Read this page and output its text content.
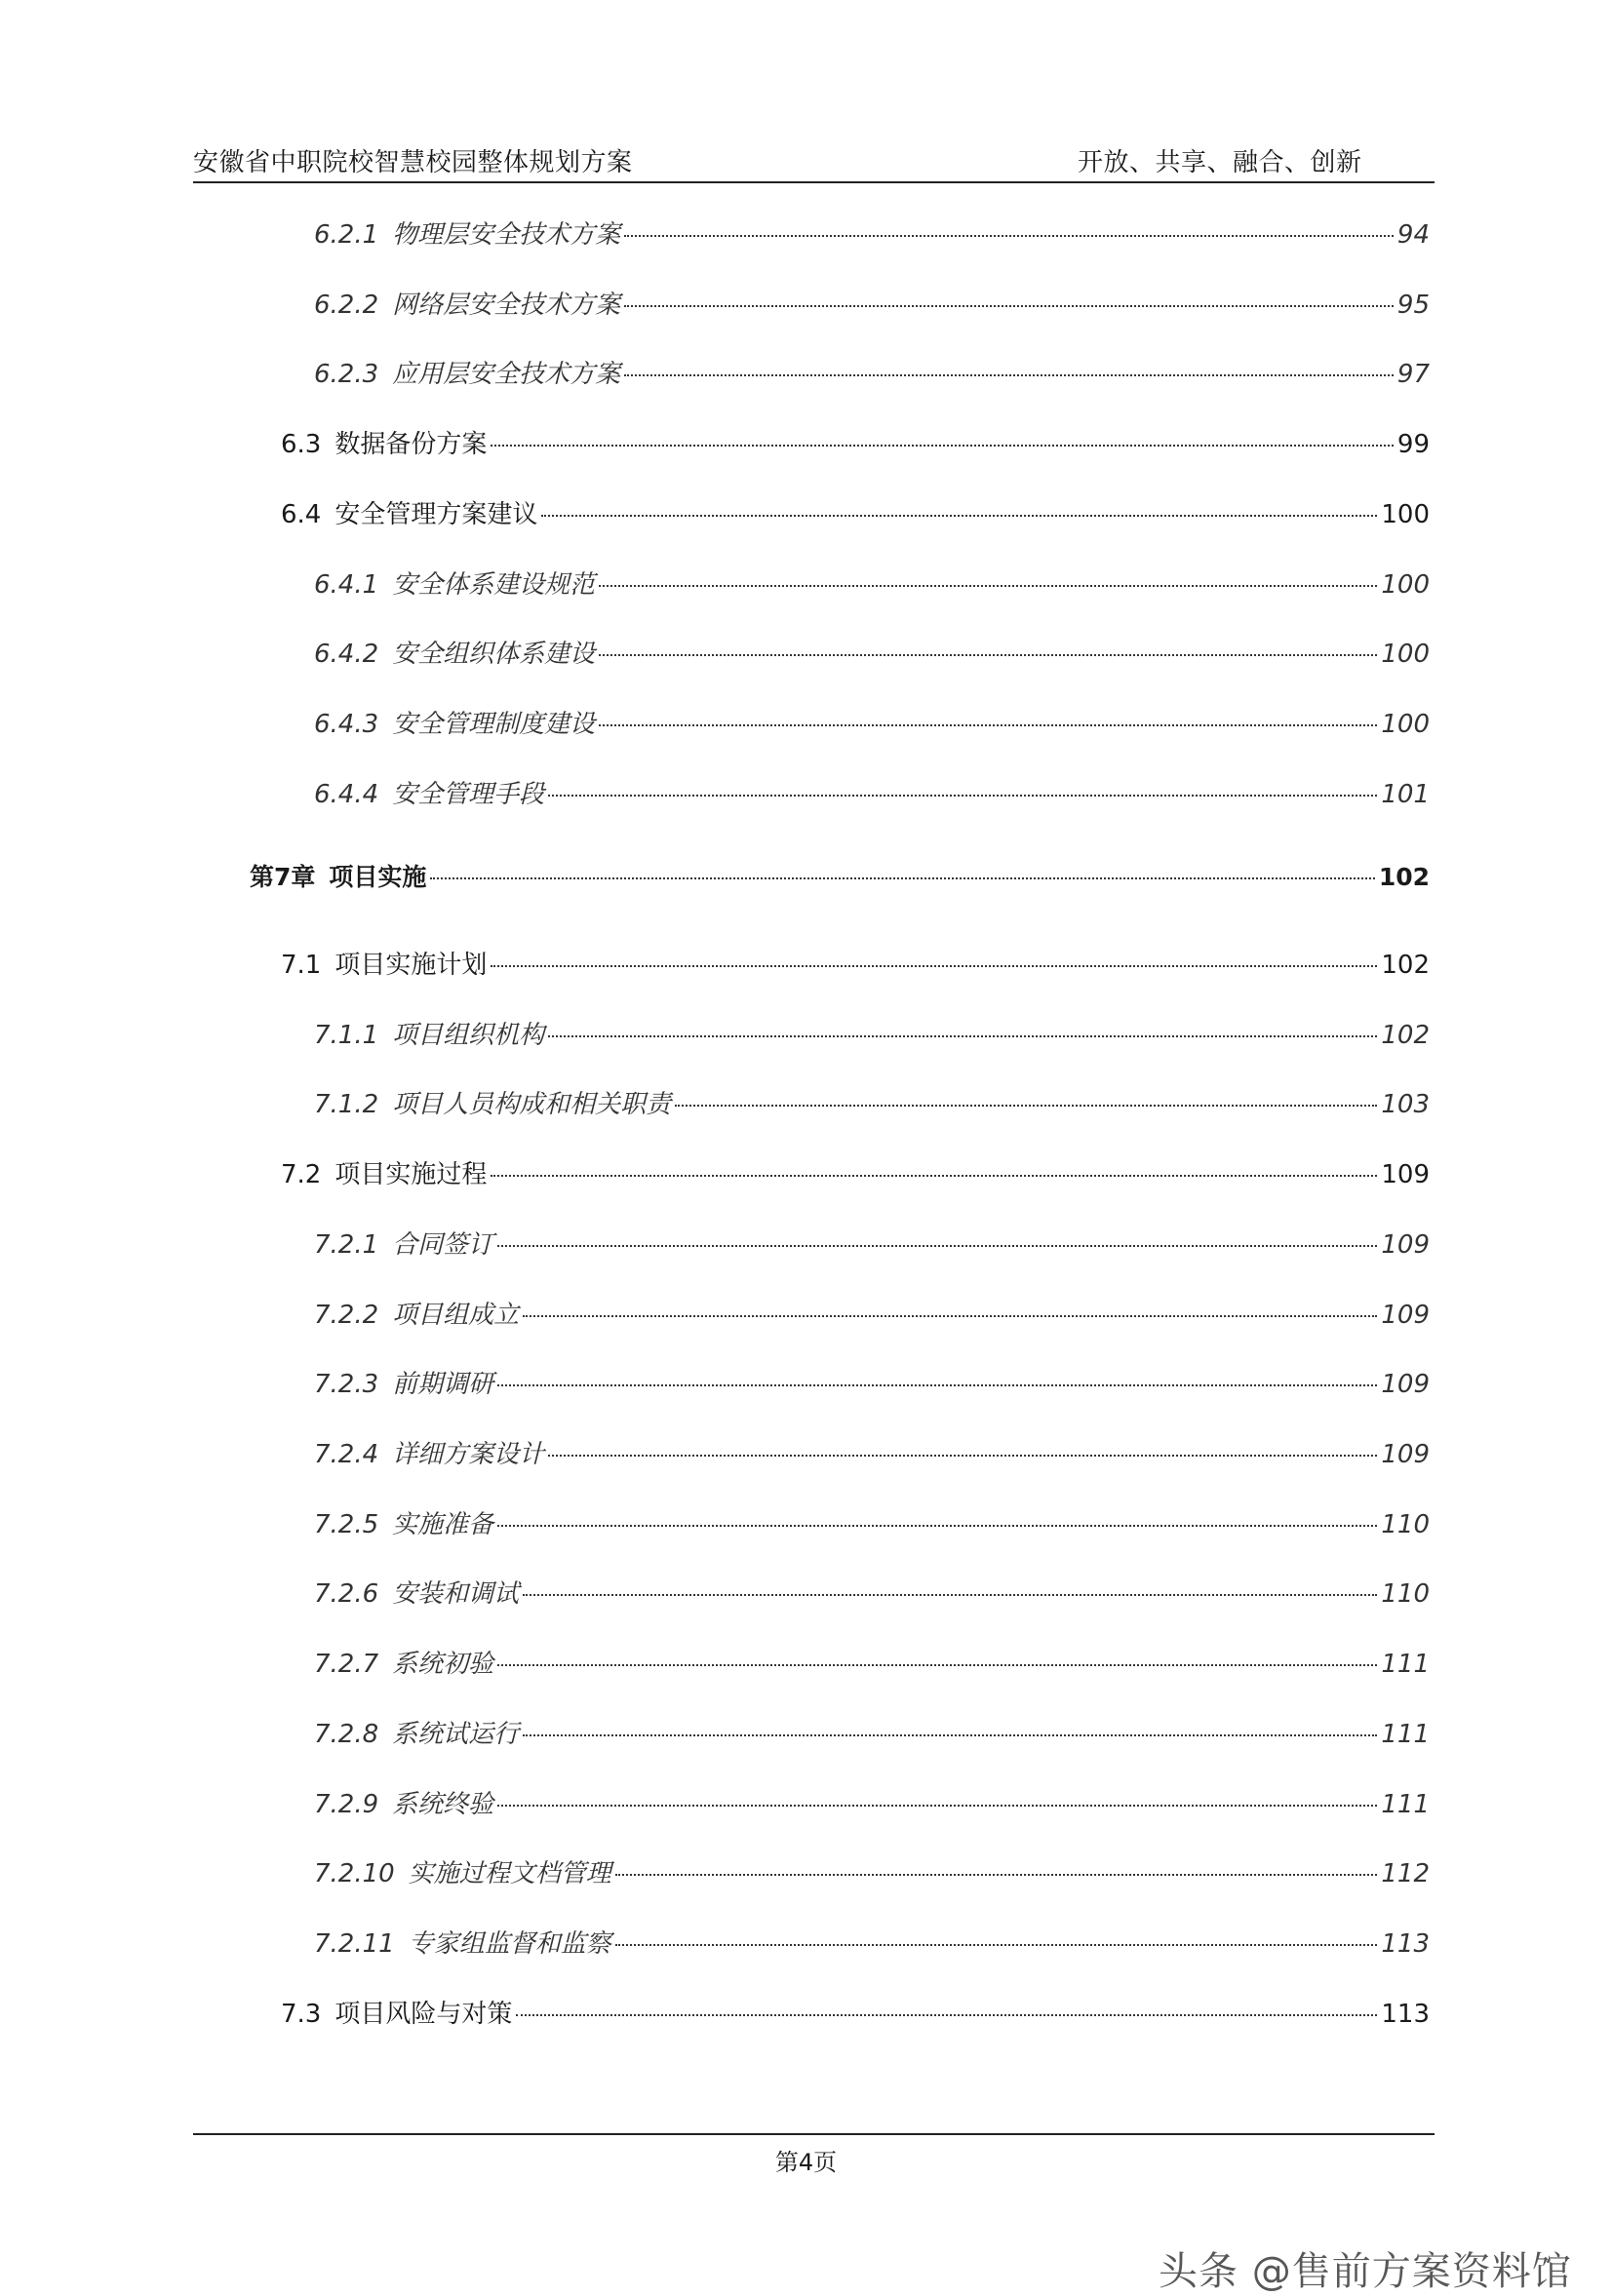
安徽省中职院校智慧校园整体规划方案	开放、共享、融合、创新
6.2.1 物理层安全技术方案	94
6.2.2 网络层安全技术方案	95
6.2.3 应用层安全技术方案	97
6.3 数据备份方案	99
6.4 安全管理方案建议	100
6.4.1 安全体系建设规范	100
6.4.2 安全组织体系建设	100
6.4.3 安全管理制度建设	100
6.4.4 安全管理手段	101
第7章 项目实施	102
7.1 项目实施计划	102
7.1.1 项目组织机构	102
7.1.2 项目人员构成和相关职责	103
7.2 项目实施过程	109
7.2.1 合同签订	109
7.2.2 项目组成立	109
7.2.3 前期调研	109
7.2.4 详细方案设计	109
7.2.5 实施准备	110
7.2.6 安装和调试	110
7.2.7 系统初验	111
7.2.8 系统试运行	111
7.2.9 系统终验	111
7.2.10 实施过程文档管理	112
7.2.11 专家组监督和监察	113
7.3 项目风险与对策	113
第4页
头条 @售前方案资料馆
